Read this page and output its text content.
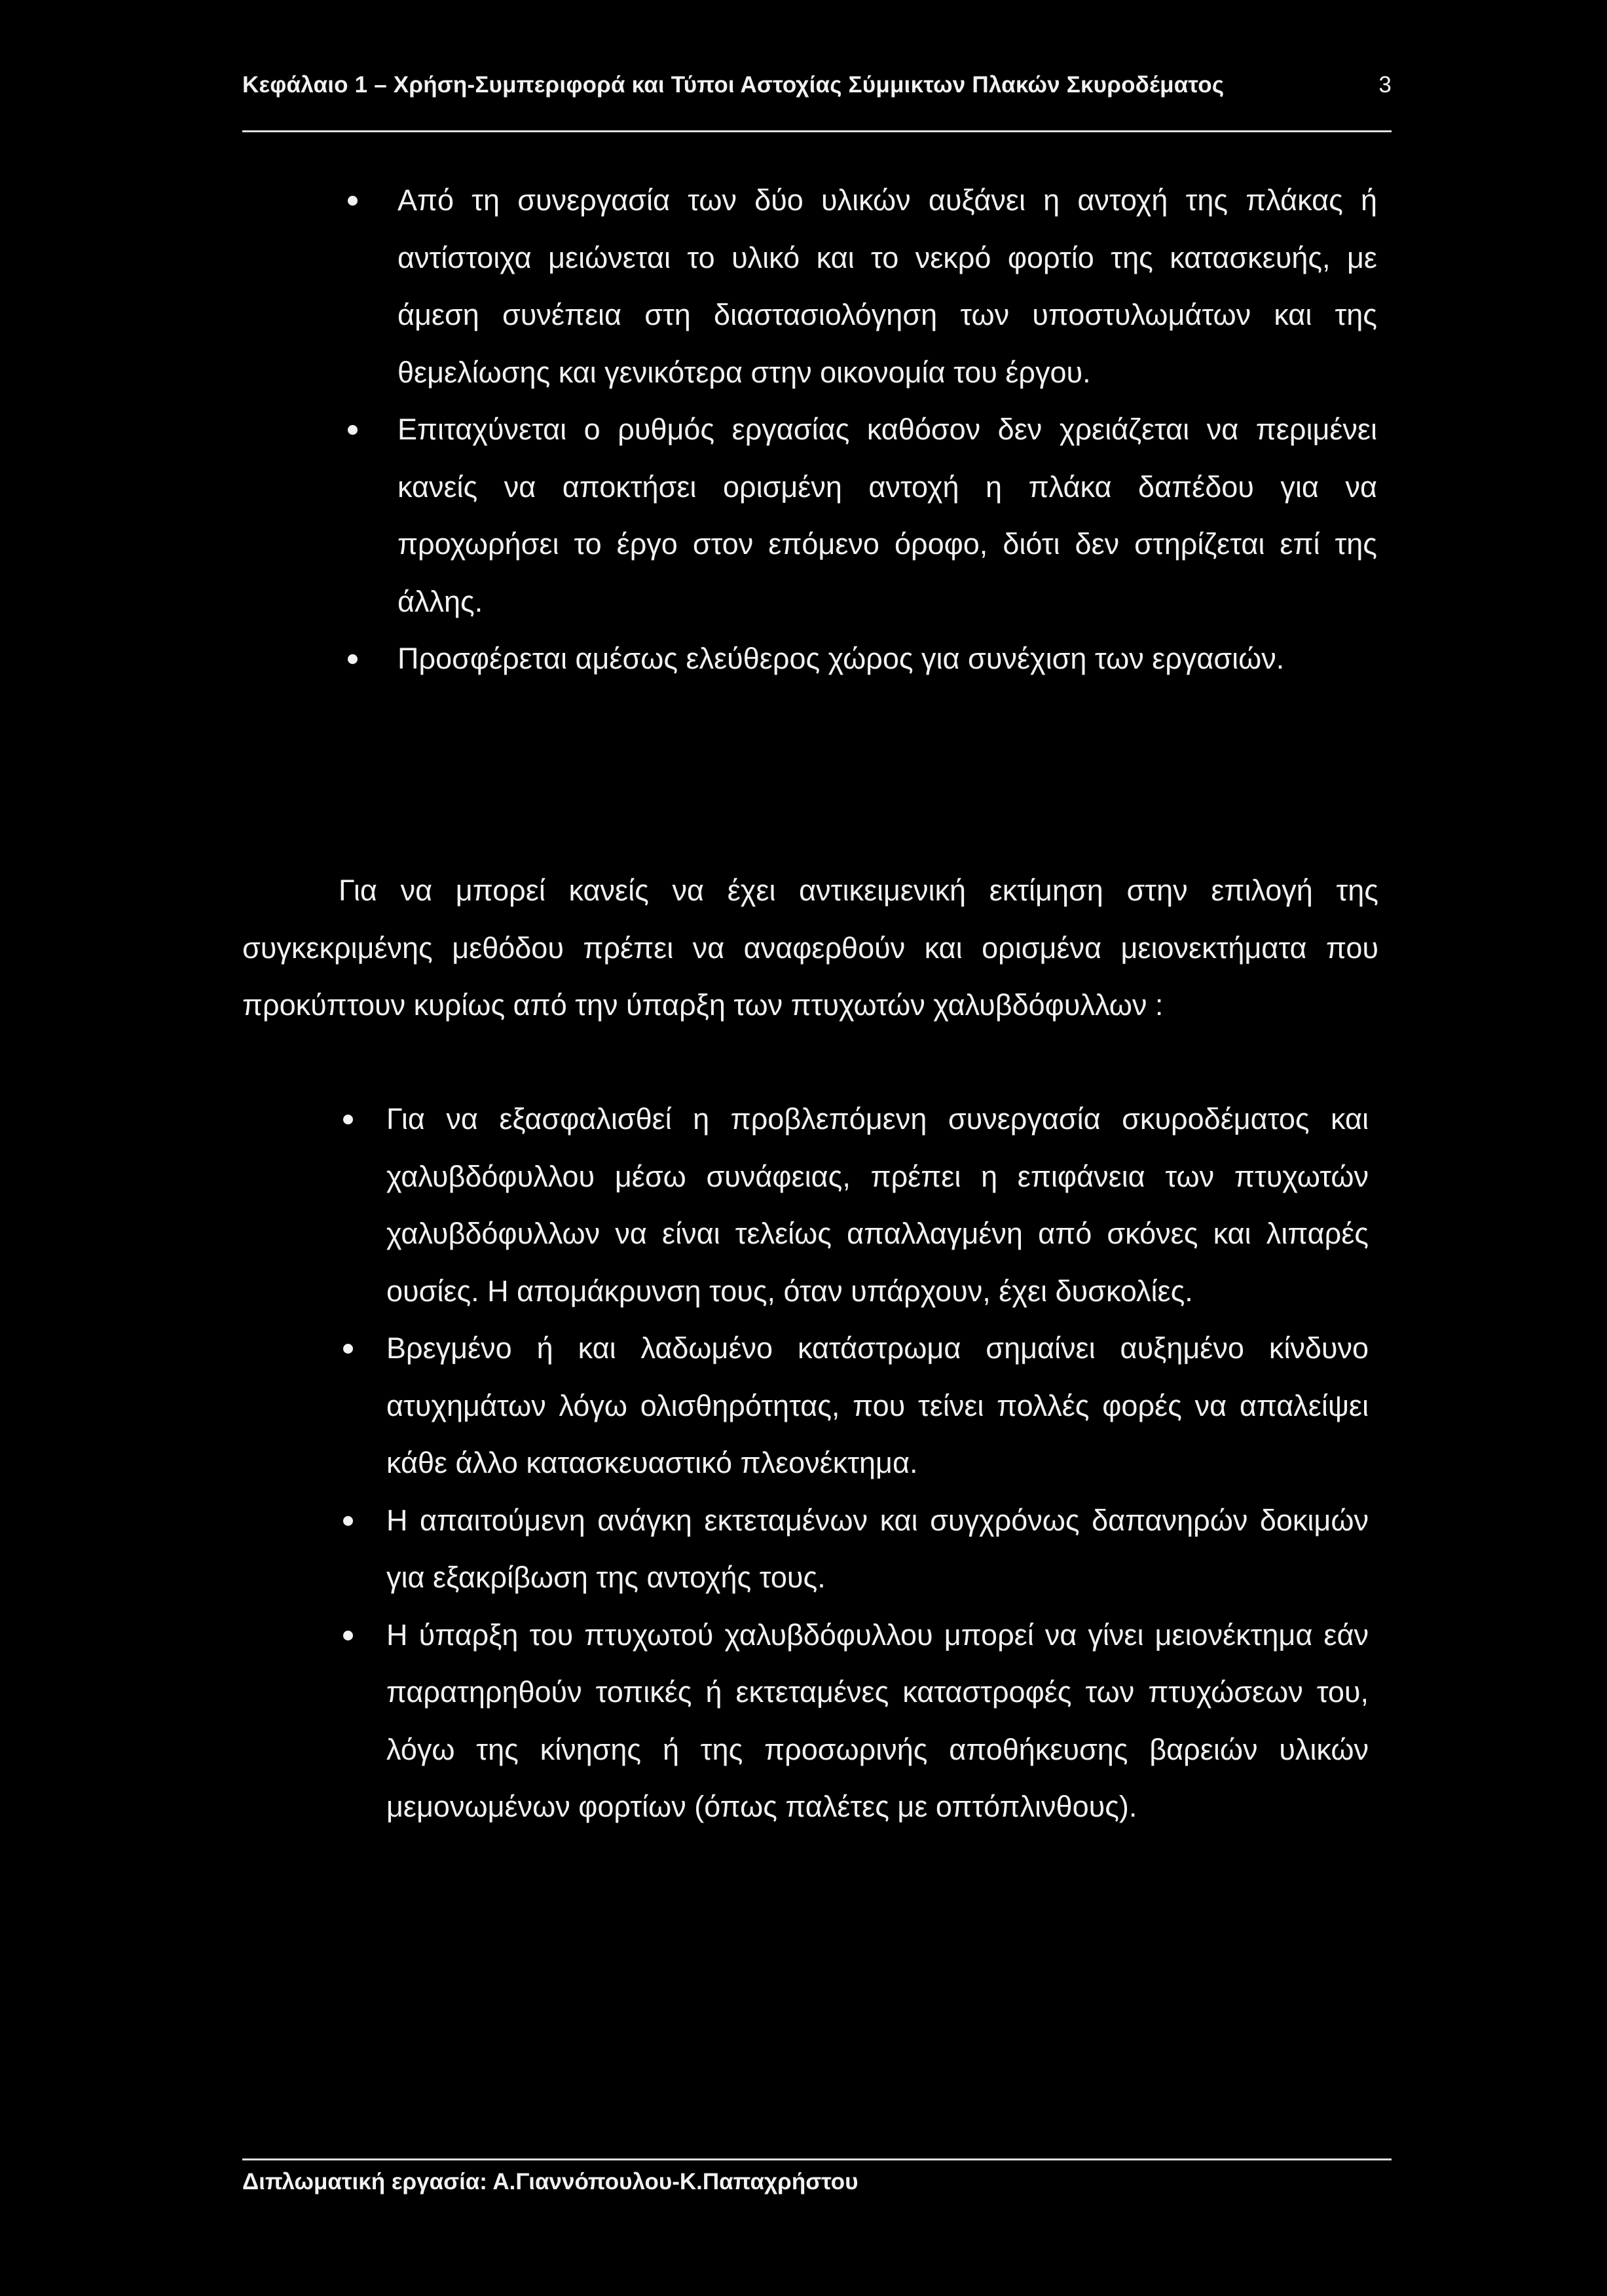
Κεφάλαιο 1 – Χρήση-Συμπεριφορά και Τύποι Αστοχίας Σύμμικτων Πλακών Σκυροδέματος	3
Από τη συνεργασία των δύο υλικών αυξάνει η αντοχή της πλάκας ή αντίστοιχα μειώνεται το υλικό και το νεκρό φορτίο της κατασκευής, με άμεση συνέπεια στη διαστασιολόγηση των υποστυλωμάτων και της θεμελίωσης και γενικότερα στην οικονομία του έργου.
Επιταχύνεται ο ρυθμός εργασίας καθόσον δεν χρειάζεται να περιμένει κανείς να αποκτήσει ορισμένη αντοχή η πλάκα δαπέδου για να προχωρήσει το έργο στον επόμενο όροφο, διότι δεν στηρίζεται επί της άλλης.
Προσφέρεται αμέσως ελεύθερος χώρος για συνέχιση των εργασιών.

Για να μπορεί κανείς να έχει αντικειμενική εκτίμηση στην επιλογή της συγκεκριμένης μεθόδου πρέπει να αναφερθούν και ορισμένα μειονεκτήματα που προκύπτουν κυρίως από την ύπαρξη των πτυχωτών χαλυβδόφυλλων :

Για να εξασφαλισθεί η προβλεπόμενη συνεργασία σκυροδέματος και χαλυβδόφυλλου μέσω συνάφειας, πρέπει η επιφάνεια των πτυχωτών χαλυβδόφυλλων να είναι τελείως απαλλαγμένη από σκόνες και λιπαρές ουσίες. Η απομάκρυνση τους, όταν υπάρχουν, έχει δυσκολίες.
Βρεγμένο ή και λαδωμένο κατάστρωμα σημαίνει αυξημένο κίνδυνο ατυχημάτων λόγω ολισθηρότητας, που τείνει πολλές φορές να απαλείψει κάθε άλλο κατασκευαστικό πλεονέκτημα.
Η απαιτούμενη ανάγκη εκτεταμένων και συγχρόνως δαπανηρών δοκιμών για εξακρίβωση της αντοχής τους.
Η ύπαρξη του πτυχωτού χαλυβδόφυλλου μπορεί να γίνει μειονέκτημα εάν παρατηρηθούν τοπικές ή εκτεταμένες καταστροφές των πτυχώσεων του, λόγω της κίνησης ή της προσωρινής αποθήκευσης βαρειών υλικών μεμονωμένων φορτίων (όπως παλέτες με οπτόπλινθους).
Διπλωματική εργασία: Α.Γιαννόπουλου-Κ.Παπαχρήστου
